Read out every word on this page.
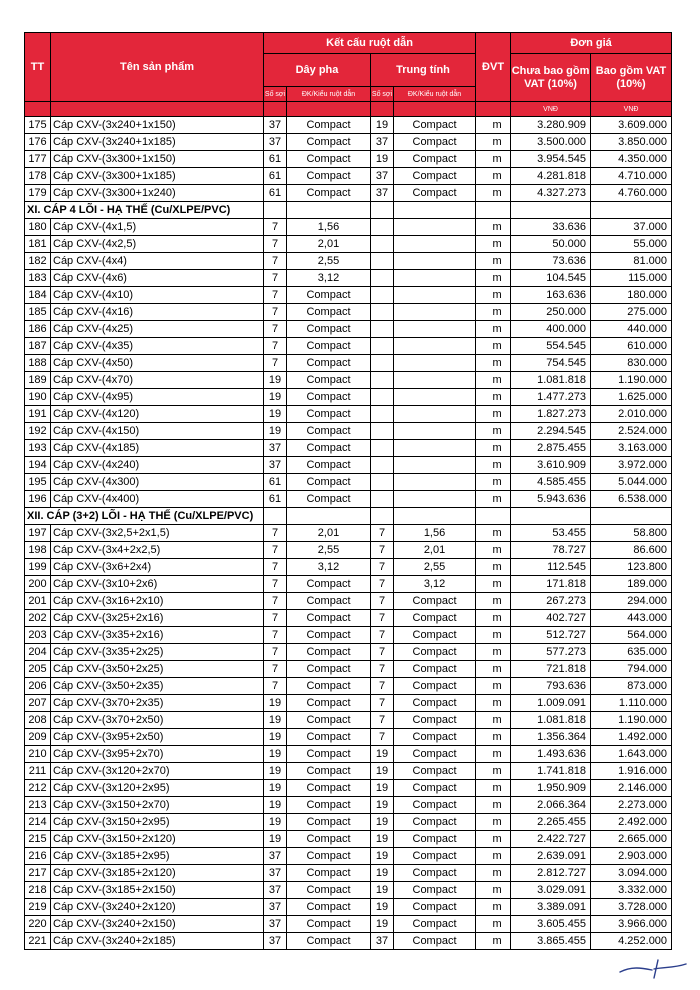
TT	Tên sản phẩm	Kết cấu ruột dẫn				ĐVT	Đơn giá	
		Dây pha		Trung tính			Chưa bao gồm VAT (10%)	Bao gồm VAT (10%)
		Số sợi	ĐK/Kiểu ruột dẫn	Số sợi	ĐK/Kiểu ruột dẫn			
							VNĐ	VNĐ
175	Cáp CXV-(3x240+1x150)	37	Compact	19	Compact	m	3.280.909	3.609.000
176	Cáp CXV-(3x240+1x185)	37	Compact	37	Compact	m	3.500.000	3.850.000
177	Cáp CXV-(3x300+1x150)	61	Compact	19	Compact	m	3.954.545	4.350.000
178	Cáp CXV-(3x300+1x185)	61	Compact	37	Compact	m	4.281.818	4.710.000
179	Cáp CXV-(3x300+1x240)	61	Compact	37	Compact	m	4.327.273	4.760.000
XI. CÁP 4 LÕI - HẠ THẾ (Cu/XLPE/PVC)								
180	Cáp CXV-(4x1,5)	7	1,56			m	33.636	37.000
181	Cáp CXV-(4x2,5)	7	2,01			m	50.000	55.000
182	Cáp CXV-(4x4)	7	2,55			m	73.636	81.000
183	Cáp CXV-(4x6)	7	3,12			m	104.545	115.000
184	Cáp CXV-(4x10)	7	Compact			m	163.636	180.000
185	Cáp CXV-(4x16)	7	Compact			m	250.000	275.000
186	Cáp CXV-(4x25)	7	Compact			m	400.000	440.000
187	Cáp CXV-(4x35)	7	Compact			m	554.545	610.000
188	Cáp CXV-(4x50)	7	Compact			m	754.545	830.000
189	Cáp CXV-(4x70)	19	Compact			m	1.081.818	1.190.000
190	Cáp CXV-(4x95)	19	Compact			m	1.477.273	1.625.000
191	Cáp CXV-(4x120)	19	Compact			m	1.827.273	2.010.000
192	Cáp CXV-(4x150)	19	Compact			m	2.294.545	2.524.000
193	Cáp CXV-(4x185)	37	Compact			m	2.875.455	3.163.000
194	Cáp CXV-(4x240)	37	Compact			m	3.610.909	3.972.000
195	Cáp CXV-(4x300)	61	Compact			m	4.585.455	5.044.000
196	Cáp CXV-(4x400)	61	Compact			m	5.943.636	6.538.000
XII. CÁP (3+2) LÕI - HẠ THẾ (Cu/XLPE/PVC)								
197	Cáp CXV-(3x2,5+2x1,5)	7	2,01	7	1,56	m	53.455	58.800
198	Cáp CXV-(3x4+2x2,5)	7	2,55	7	2,01	m	78.727	86.600
199	Cáp CXV-(3x6+2x4)	7	3,12	7	2,55	m	112.545	123.800
200	Cáp CXV-(3x10+2x6)	7	Compact	7	3,12	m	171.818	189.000
201	Cáp CXV-(3x16+2x10)	7	Compact	7	Compact	m	267.273	294.000
202	Cáp CXV-(3x25+2x16)	7	Compact	7	Compact	m	402.727	443.000
203	Cáp CXV-(3x35+2x16)	7	Compact	7	Compact	m	512.727	564.000
204	Cáp CXV-(3x35+2x25)	7	Compact	7	Compact	m	577.273	635.000
205	Cáp CXV-(3x50+2x25)	7	Compact	7	Compact	m	721.818	794.000
206	Cáp CXV-(3x50+2x35)	7	Compact	7	Compact	m	793.636	873.000
207	Cáp CXV-(3x70+2x35)	19	Compact	7	Compact	m	1.009.091	1.110.000
208	Cáp CXV-(3x70+2x50)	19	Compact	7	Compact	m	1.081.818	1.190.000
209	Cáp CXV-(3x95+2x50)	19	Compact	7	Compact	m	1.356.364	1.492.000
210	Cáp CXV-(3x95+2x70)	19	Compact	19	Compact	m	1.493.636	1.643.000
211	Cáp CXV-(3x120+2x70)	19	Compact	19	Compact	m	1.741.818	1.916.000
212	Cáp CXV-(3x120+2x95)	19	Compact	19	Compact	m	1.950.909	2.146.000
213	Cáp CXV-(3x150+2x70)	19	Compact	19	Compact	m	2.066.364	2.273.000
214	Cáp CXV-(3x150+2x95)	19	Compact	19	Compact	m	2.265.455	2.492.000
215	Cáp CXV-(3x150+2x120)	19	Compact	19	Compact	m	2.422.727	2.665.000
216	Cáp CXV-(3x185+2x95)	37	Compact	19	Compact	m	2.639.091	2.903.000
217	Cáp CXV-(3x185+2x120)	37	Compact	19	Compact	m	2.812.727	3.094.000
218	Cáp CXV-(3x185+2x150)	37	Compact	19	Compact	m	3.029.091	3.332.000
219	Cáp CXV-(3x240+2x120)	37	Compact	19	Compact	m	3.389.091	3.728.000
220	Cáp CXV-(3x240+2x150)	37	Compact	19	Compact	m	3.605.455	3.966.000
221	Cáp CXV-(3x240+2x185)	37	Compact	37	Compact	m	3.865.455	4.252.000
